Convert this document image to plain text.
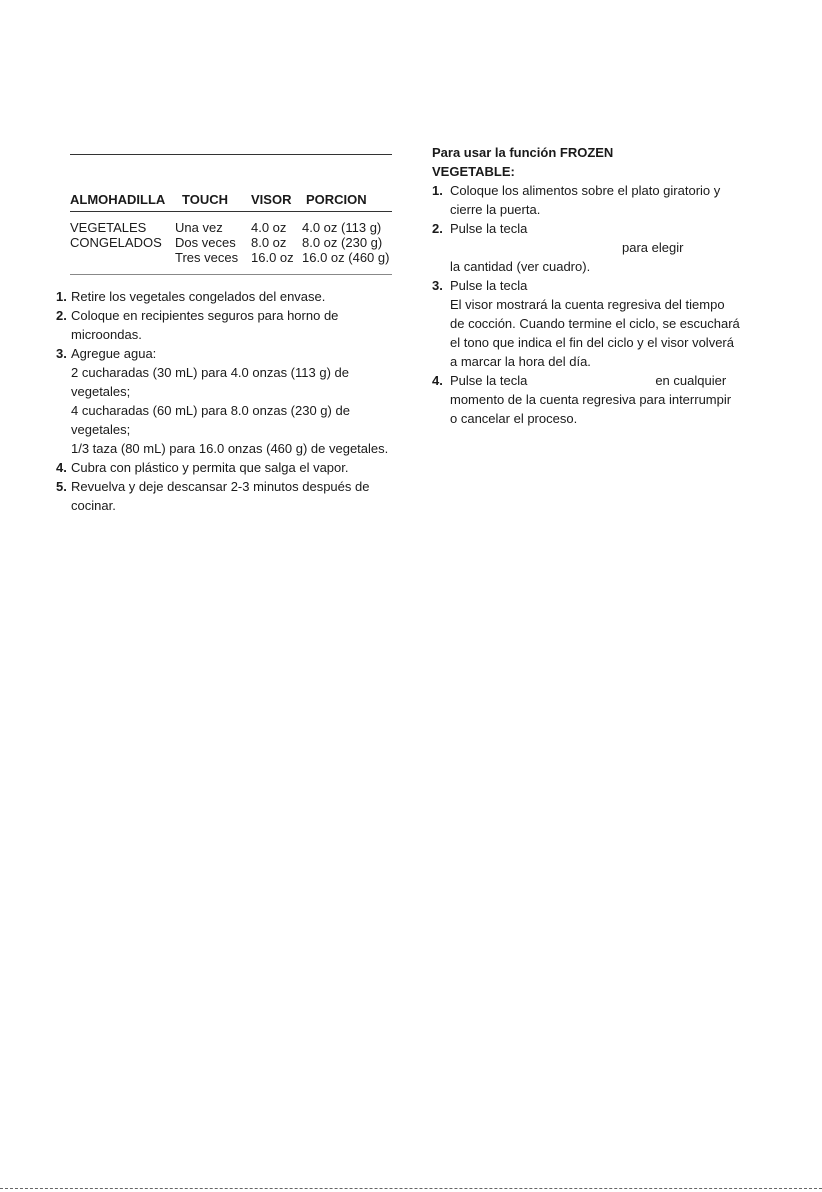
ALMOHADILLA TOUCH VISOR PORCION
VEGETALES Una vez 4.0 oz 4.0 oz (113 g)
CONGELADOS Dos veces 8.0 oz 8.0 oz (230 g)
Tres veces 16.0 oz 16.0 oz (460 g)
1. Retire los vegetales congelados del envase.
2. Coloque en recipientes seguros para horno de
microondas.
3. Agregue agua:
2 cucharadas (30 mL) para 4.0 onzas (113 g) de
vegetales;
4 cucharadas (60 mL) para 8.0 onzas (230 g) de
vegetales;
1/3 taza (80 mL) para 16.0 onzas (460 g) de vegetales.
4. Cubra con plástico y permita que salga el vapor.
5. Revuelva y deje descansar 2-3 minutos después de
cocinar.
Para usar la función FROZEN
VEGETABLE:
1. Coloque los alimentos sobre el plato giratorio y
cierre la puerta.
2. Pulse la tecla
para elegir
la cantidad (ver cuadro).
3. Pulse la tecla
El visor mostrará la cuenta regresiva del tiempo
de cocción. Cuando termine el ciclo, se escuchará
el tono que indica el fin del ciclo y el visor volverá
a marcar la hora del día.
4. Pulse la tecla	en cualquier
momento de la cuenta regresiva para interrumpir
o cancelar el proceso.
